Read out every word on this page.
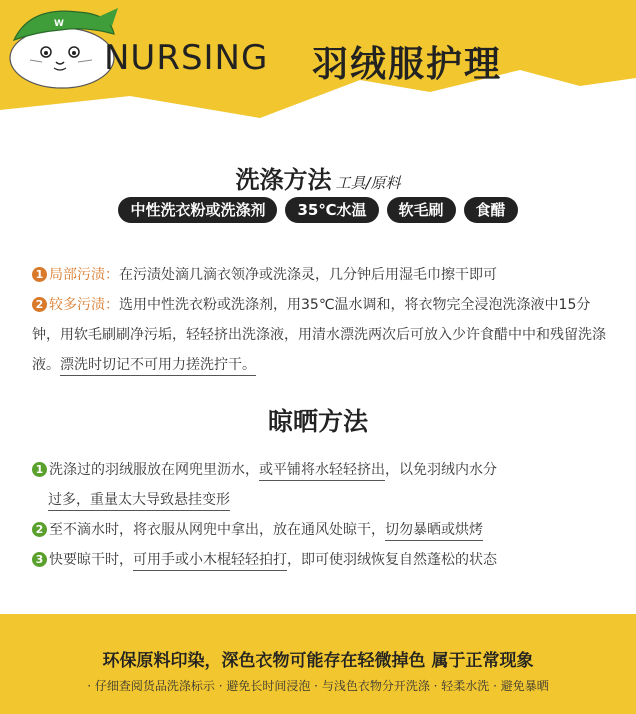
W
NURSING 羽绒服护理
洗涤方法 工具/原料
中性洗衣粉或洗涤剂 35℃水温 软毛刷 食醋
1 局部污渍：在污渍处滴几滴衣领净或洗涤灵，几分钟后用湿毛巾擦干即可
2 较多污渍：选用中性洗衣粉或洗涤剂，用35℃温水调和，将衣物完全浸泡洗涤液中15分钟，用软毛刷刷净污垢，轻轻挤出洗涤液，用清水漂洗两次后可放入少许食醋中中和残留洗涤液。漂洗时切记不可用力搓洗拧干。
晾晒方法
1 洗涤过的羽绒服放在网兜里沥水，或平铺将水轻轻挤出，以免羽绒内水分
过多，重量太大导致悬挂变形
2 至不滴水时，将衣服从网兜中拿出，放在通风处晾干，切勿暴晒或烘烤
3 快要晾干时，可用手或小木棍轻轻拍打，即可使羽绒恢复自然蓬松的状态
环保原料印染，深色衣物可能存在轻微掉色 属于正常现象
· 仔细查阅货品洗涤标示 · 避免长时间浸泡 · 与浅色衣物分开洗涤 · 轻柔水洗 · 避免暴晒
